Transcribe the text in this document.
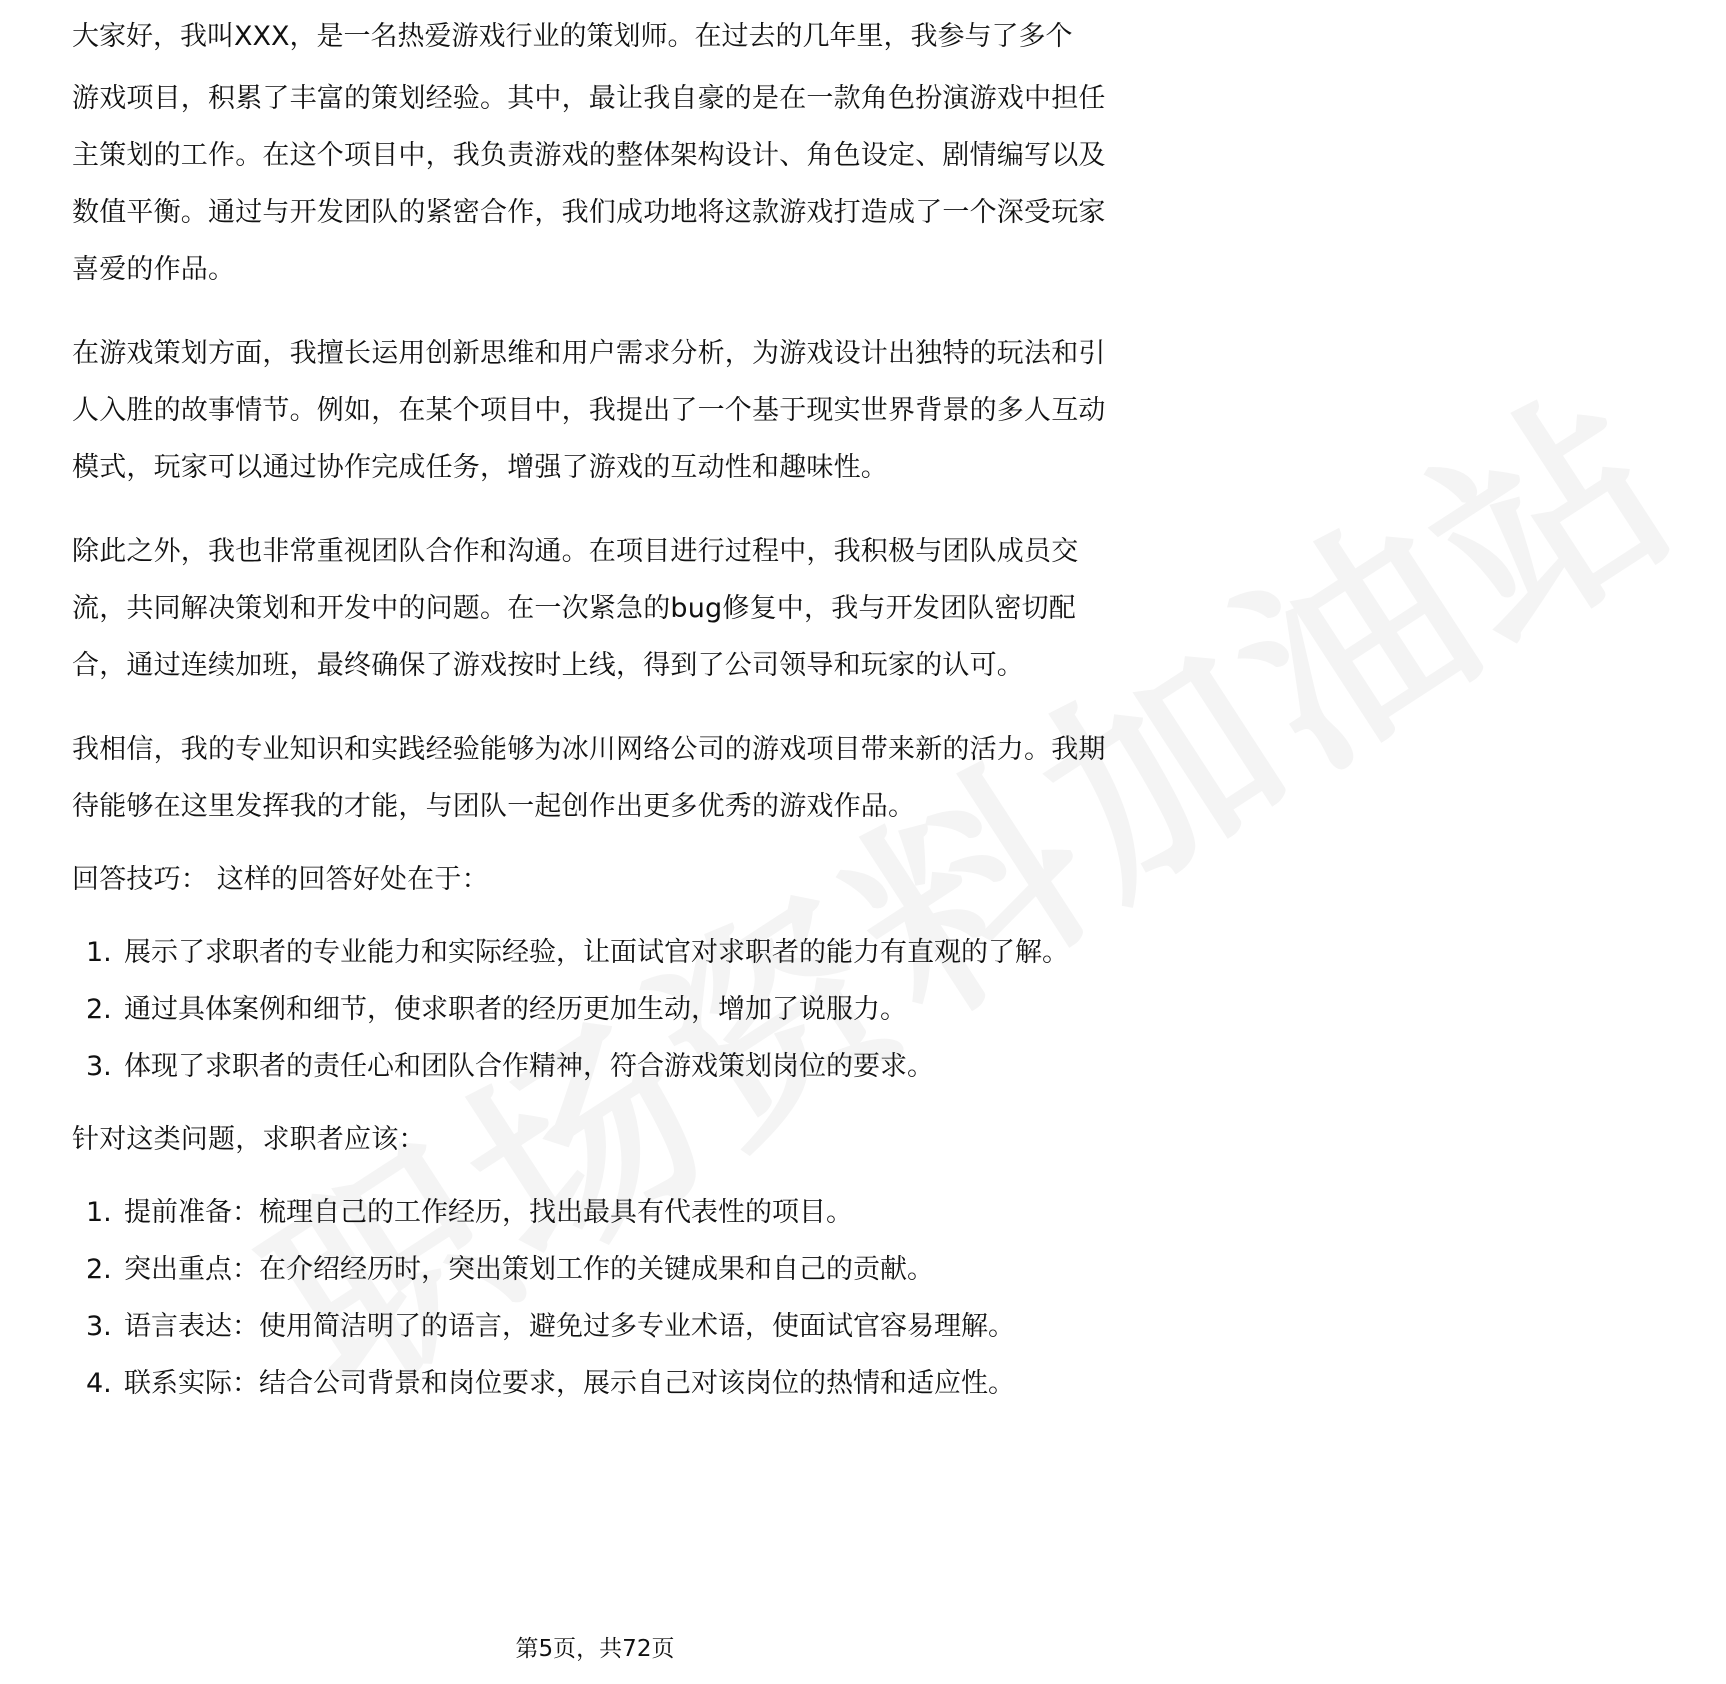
大家好，我叫XXX，是一名热爱游戏行业的策划师。在过去的几年里，我参与了多个

游戏项目，积累了丰富的策划经验。其中，最让我自豪的是在一款角色扮演游戏中担任主策划的工作。在这个项目中，我负责游戏的整体架构设计、角色设定、剧情编写以及数值平衡。通过与开发团队的紧密合作，我们成功地将这款游戏打造成了一个深受玩家喜爱的作品。

在游戏策划方面，我擅长运用创新思维和用户需求分析，为游戏设计出独特的玩法和引人入胜的故事情节。例如，在某个项目中，我提出了一个基于现实世界背景的多人互动模式，玩家可以通过协作完成任务，增强了游戏的互动性和趣味性。

除此之外，我也非常重视团队合作和沟通。在项目进行过程中，我积极与团队成员交流，共同解决策划和开发中的问题。在一次紧急的bug修复中，我与开发团队密切配合，通过连续加班，最终确保了游戏按时上线，得到了公司领导和玩家的认可。

我相信，我的专业知识和实践经验能够为冰川网络公司的游戏项目带来新的活力。我期待能够在这里发挥我的才能，与团队一起创作出更多优秀的游戏作品。

回答技巧： 这样的回答好处在于：

1. 展示了求职者的专业能力和实际经验，让面试官对求职者的能力有直观的了解。
2. 通过具体案例和细节，使求职者的经历更加生动，增加了说服力。
3. 体现了求职者的责任心和团队合作精神，符合游戏策划岗位的要求。

针对这类问题，求职者应该：

1. 提前准备：梳理自己的工作经历，找出最具有代表性的项目。
2. 突出重点：在介绍经历时，突出策划工作的关键成果和自己的贡献。
3. 语言表达：使用简洁明了的语言，避免过多专业术语，使面试官容易理解。
4. 联系实际：结合公司背景和岗位要求，展示自己对该岗位的热情和适应性。
第5页，共72页
